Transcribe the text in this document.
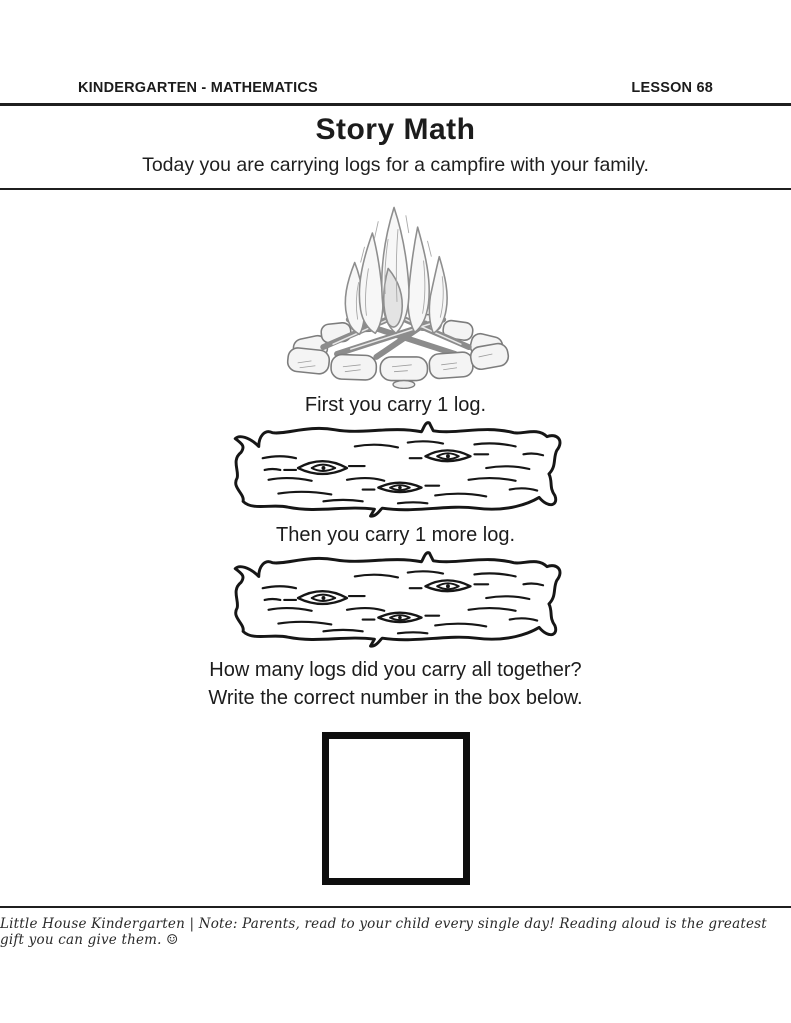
KINDERGARTEN - MATHEMATICS	LESSON 68
Story Math
Today you are carrying logs for a campfire with your family.
First you carry 1 log.
Then you carry 1 more log.

How many logs did you carry all together?

Write the correct number in the box below.

Little House Kindergarten | Note: Parents, read to your child every single day! Reading aloud is the greatest gift you can give them. ☺
